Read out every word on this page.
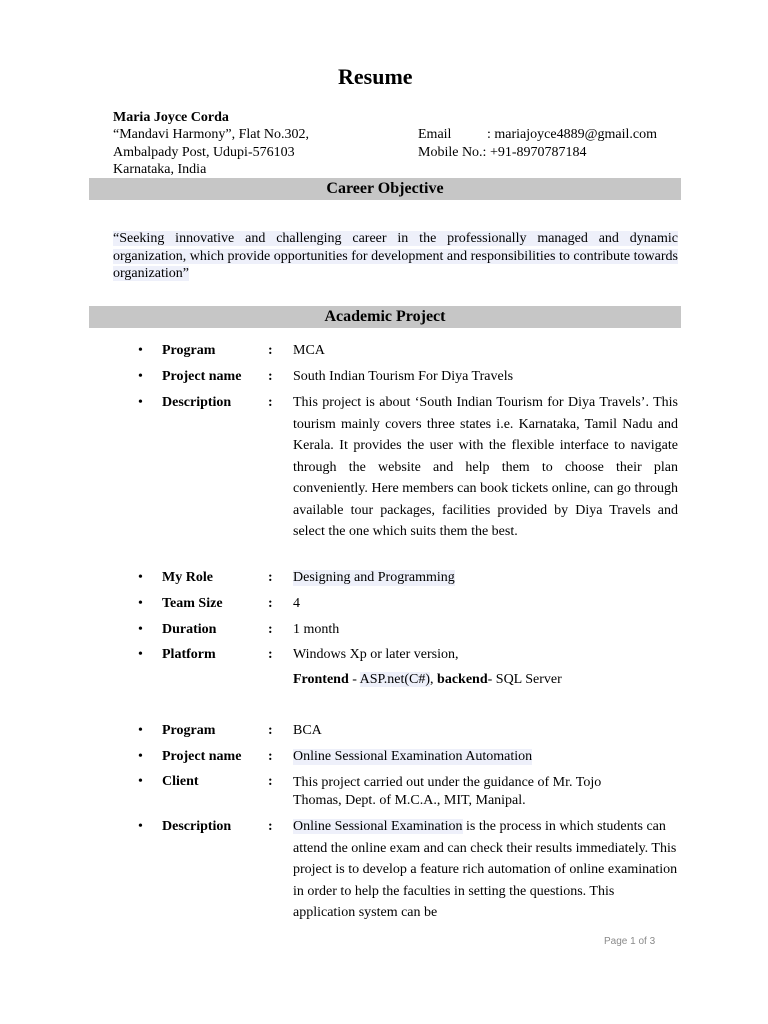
Resume
Maria Joyce Corda
“Mandavi Harmony”, Flat No.302,
Ambalpady Post, Udupi-576103
Karnataka, India
Email	: mariajoyce4889@gmail.com
Mobile No.: +91-8970787184
Career Objective
“Seeking innovative and challenging career in the professionally managed and dynamic organization, which provide opportunities for development and responsibilities to contribute towards organization”
Academic Project
• Program	: MCA
• Project name : South Indian Tourism For Diya Travels
• Description	: This project is about ‘South Indian Tourism for Diya Travels’. This tourism mainly covers three states i.e. Karnataka, Tamil Nadu and Kerala. It provides the user with the flexible interface to navigate through the website and help them to choose their plan conveniently. Here members can book tickets online, can go through available tour packages, facilities provided by Diya Travels and select the one which suits them the best.
• My Role	: Designing and Programming
• Team Size	: 4
• Duration	: 1 month
• Platform	: Windows Xp or later version,
Frontend - ASP.net(C#), backend- SQL Server
• Program	: BCA
• Project name : Online Sessional Examination Automation
• Client	: This project carried out under the guidance of Mr. Tojo Thomas, Dept. of M.C.A., MIT, Manipal.
• Description	: Online Sessional Examination is the process in which students can attend the online exam and can check their results immediately. This project is to develop a feature rich automation of online examination in order to help the faculties in setting the questions. This application system can be
Page 1 of 3
